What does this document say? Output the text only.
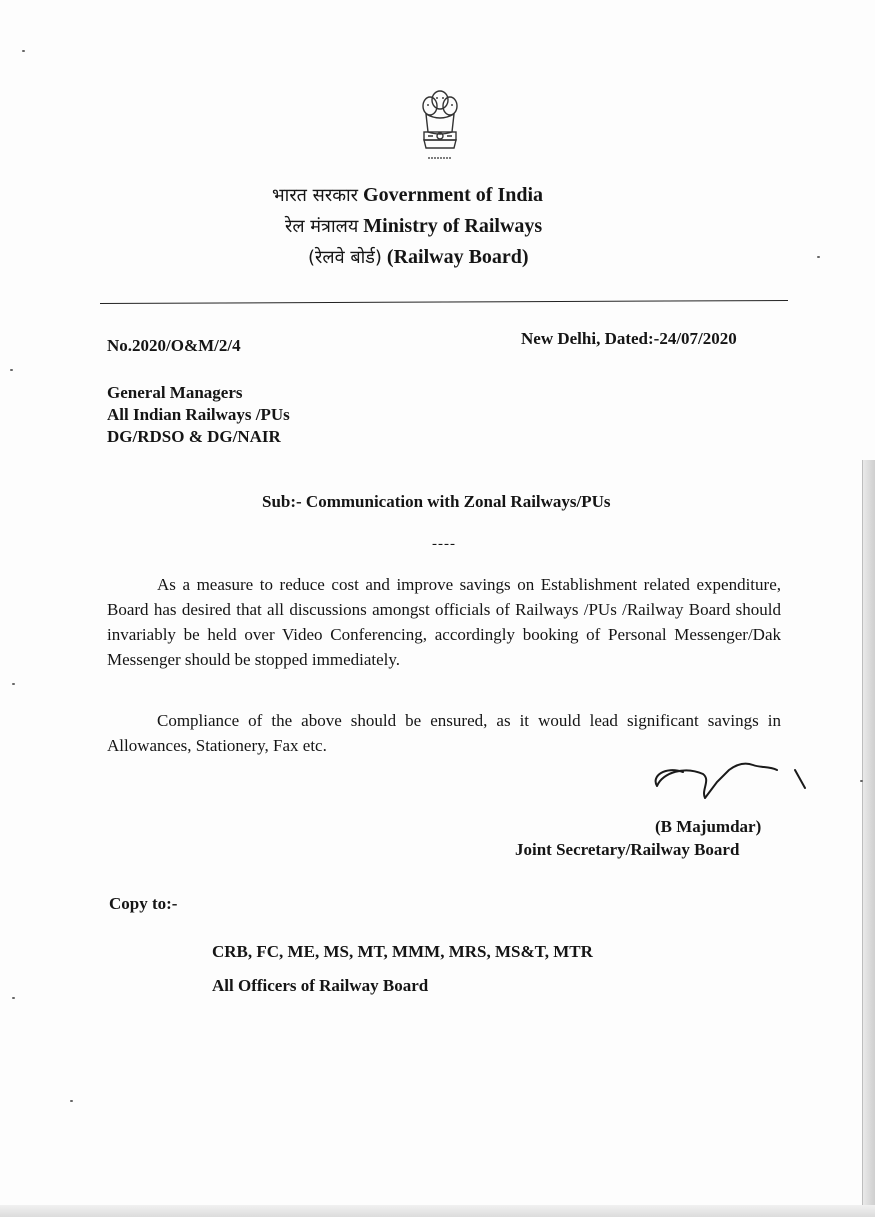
भारत सरकार Government of India
रेल मंत्रालय Ministry of Railways
(रेलवे बोर्ड) (Railway Board)
No.2020/O&M/2/4	New Delhi, Dated:-24/07/2020
General Managers
All Indian Railways /PUs
DG/RDSO & DG/NAIR
Sub:- Communication with Zonal Railways/PUs
----

As a measure to reduce cost and improve savings on Establishment related expenditure, Board has desired that all discussions amongst officials of Railways /PUs /Railway Board should invariably be held over Video Conferencing, accordingly booking of Personal Messenger/Dak Messenger should be stopped immediately.

Compliance of the above should be ensured, as it would lead significant savings in Allowances, Stationery, Fax etc.

(B Majumdar)
Joint Secretary/Railway Board
Copy to:-
CRB, FC, ME, MS, MT, MMM, MRS, MS&T, MTR
All Officers of Railway Board
